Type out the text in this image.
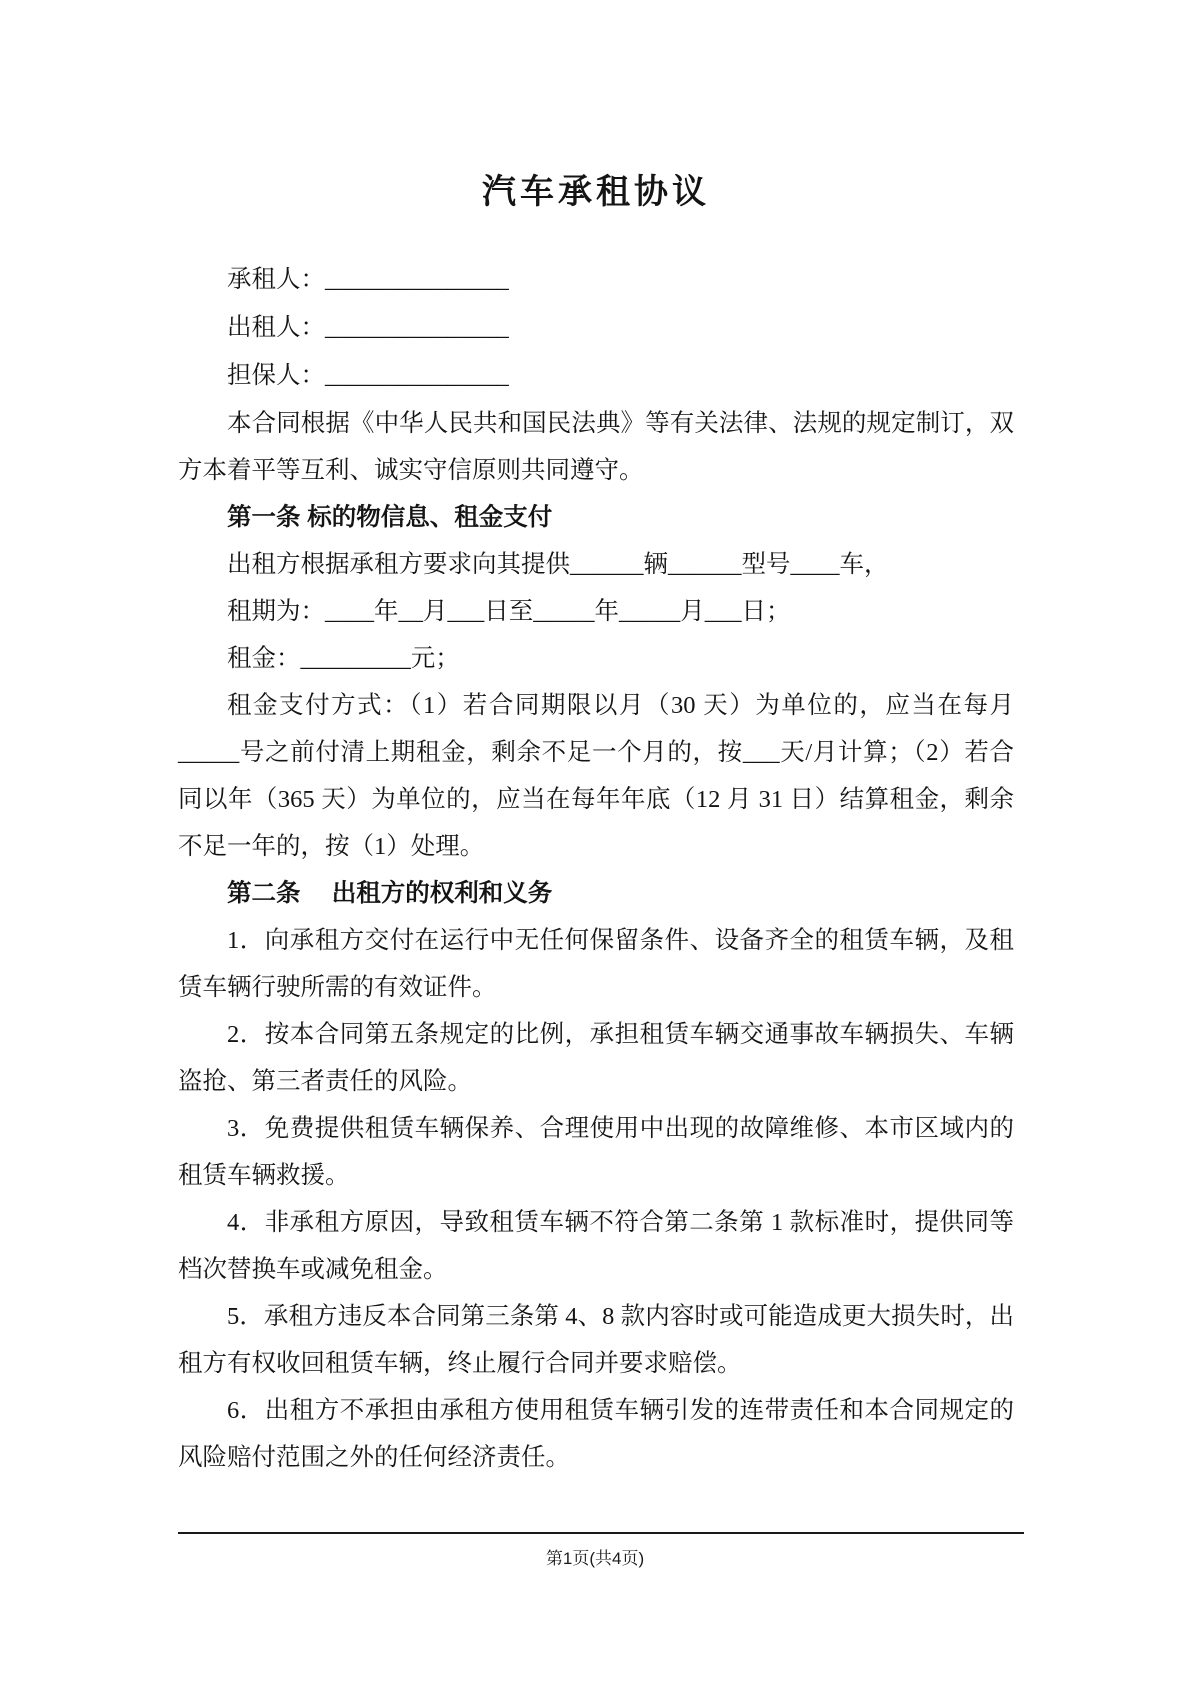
汽车承租协议
承租人：_______________
出租人：_______________
担保人：_______________

本合同根据《中华人民共和国民法典》等有关法律、法规的规定制订，双方本着平等互利、诚实守信原则共同遵守。

第一条 标的物信息、租金支付

出租方根据承租方要求向其提供______辆______型号____车，

租期为：____年__月___日至_____年_____月___日；

租金：_________元；

租金支付方式：（1）若合同期限以月（30 天）为单位的，应当在每月_____号之前付清上期租金，剩余不足一个月的，按___天/月计算；（2）若合同以年（365 天）为单位的，应当在每年年底（12 月 31 日）结算租金，剩余不足一年的，按（1）处理。

第二条　 出租方的权利和义务

1．向承租方交付在运行中无任何保留条件、设备齐全的租赁车辆，及租赁车辆行驶所需的有效证件。

2．按本合同第五条规定的比例，承担租赁车辆交通事故车辆损失、车辆盗抢、第三者责任的风险。

3．免费提供租赁车辆保养、合理使用中出现的故障维修、本市区域内的租赁车辆救援。

4．非承租方原因，导致租赁车辆不符合第二条第 1 款标准时，提供同等档次替换车或减免租金。

5．承租方违反本合同第三条第 4、8 款内容时或可能造成更大损失时，出租方有权收回租赁车辆，终止履行合同并要求赔偿。

6．出租方不承担由承租方使用租赁车辆引发的连带责任和本合同规定的风险赔付范围之外的任何经济责任。

第1页(共4页)
